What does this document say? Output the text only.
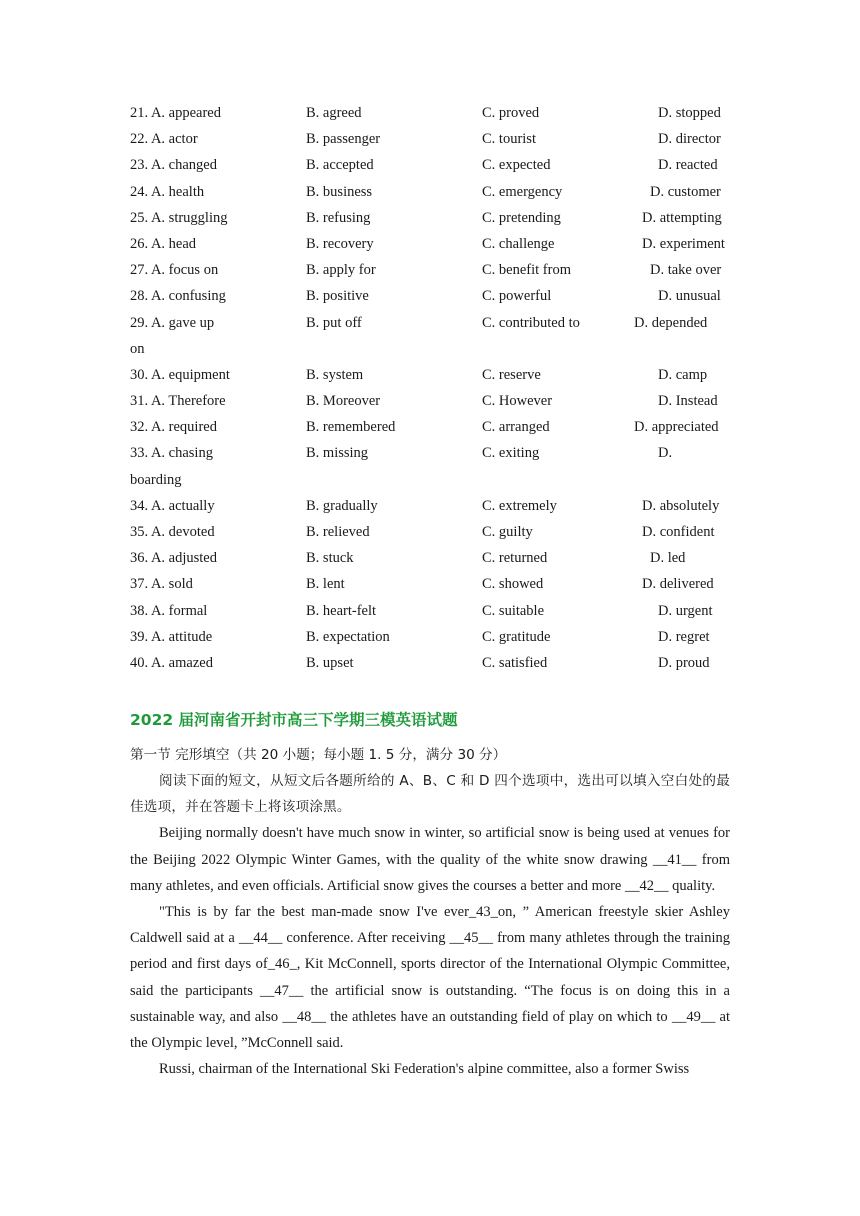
21. A. appeared	B. agreed	C. proved	D. stopped
22. A. actor	B. passenger	C. tourist	D. director
23. A. changed	B. accepted	C. expected	D. reacted
24. A. health	B. business	C. emergency	D. customer
25. A. struggling	B. refusing	C. pretending	D. attempting
26. A. head	B. recovery	C. challenge	D. experiment
27. A. focus on	B. apply for	C. benefit from	D. take over
28. A. confusing	B. positive	C. powerful	D. unusual
29. A. gave up	B. put off	C. contributed to	D. depended
on
30. A. equipment	B. system	C. reserve	D. camp
31. A. Therefore	B. Moreover	C. However	D. Instead
32. A. required	B. remembered	C. arranged	D. appreciated
33. A. chasing	B. missing	C. exiting	D.
boarding
34. A. actually	B. gradually	C. extremely	D. absolutely
35. A. devoted	B. relieved	C. guilty	D. confident
36. A. adjusted	B. stuck	C. returned	D. led
37. A. sold	B. lent	C. showed	D. delivered
38. A. formal	B. heart-felt	C. suitable	D. urgent
39. A. attitude	B. expectation	C. gratitude	D. regret
40. A. amazed	B. upset	C. satisfied	D. proud
2022 届河南省开封市高三下学期三模英语试题
第一节 完形填空（共 20 小题；每小题 1. 5 分，满分 30 分）

阅读下面的短文，从短文后各题所给的 A、B、C 和 D 四个选项中，选出可以填入空白处的最佳选项，并在答题卡上将该项涂黑。

Beijing normally doesn't have much snow in winter, so artificial snow is being used at venues for the Beijing 2022 Olympic Winter Games, with the quality of the white snow drawing __41__ from many athletes, and even officials. Artificial snow gives the courses a better and more __42__ quality.

"This is by far the best man-made snow I've ever_43_on, ” American freestyle skier Ashley Caldwell said at a __44__ conference. After receiving __45__ from many athletes through the training period and first days of_46_, Kit McConnell, sports director of the International Olympic Committee, said the participants __47__ the artificial snow is outstanding. “The focus is on doing this in a sustainable way, and also __48__ the athletes have an outstanding field of play on which to __49__ at the Olympic level, ”McConnell said.

Russi, chairman of the International Ski Federation's alpine committee, also a former Swiss
